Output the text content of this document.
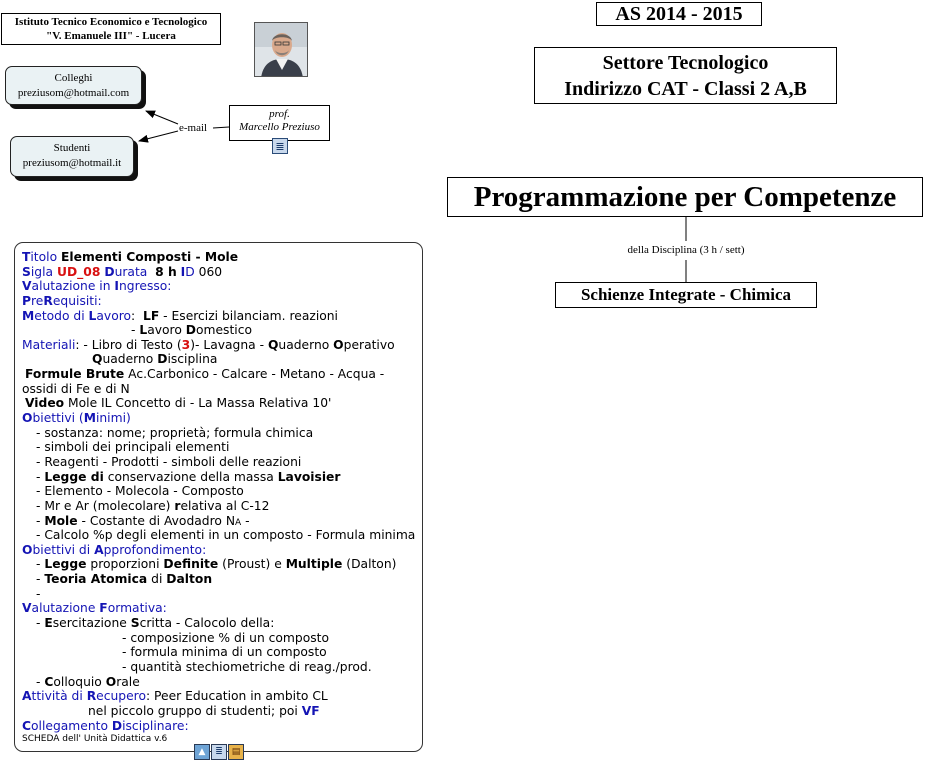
Istituto Tecnico Economico e Tecnologico
"V. Emanuele III" - Lucera
Colleghi
preziusom@hotmail.com
Studenti
preziusom@hotmail.it
e-mail
prof.
Marcello Preziuso
≣
AS 2014 - 2015
Settore Tecnologico
Indirizzo CAT - Classi 2 A,B
Programmazione per Competenze
della Disciplina (3 h / sett)
Schienze Integrate - Chimica
Titolo Elementi Composti - Mole
Sigla UD_08 Durata 8 h ID 060
Valutazione in Ingresso:
PreRequisiti:
Metodo di Lavoro: LF - Esercizi bilanciam. reazioni
- Lavoro Domestico
Materiali: - Libro di Testo (3)- Lavagna - Quaderno Operativo
Quaderno Disciplina
Formule Brute Ac.Carbonico - Calcare - Metano - Acqua -
ossidi di Fe e di N
Video Mole IL Concetto di - La Massa Relativa 10'
Obiettivi (Minimi)
- sostanza: nome; proprietà; formula chimica
- simboli dei principali elementi
- Reagenti - Prodotti - simboli delle reazioni
- Legge di conservazione della massa Lavoisier
- Elemento - Molecola - Composto
- Mr e Ar (molecolare) relativa al C-12
- Mole - Costante di Avodadro NA -
- Calcolo %p degli elementi in un composto - Formula minima
Obiettivi di Approfondimento:
- Legge proporzioni Definite (Proust) e Multiple (Dalton)
- Teoria Atomica di Dalton
-
Valutazione Formativa:
- Esercitazione Scritta - Calocolo della:
- composizione % di un composto
- formula minima di un composto
- quantità stechiometriche di reag./prod.
- Colloquio Orale
Attività di Recupero: Peer Education in ambito CL
nel piccolo gruppo di studenti; poi VF
Collegamento Disciplinare:
SCHEDA dell' Unità Didattica v.6
▲	≣ ▤
